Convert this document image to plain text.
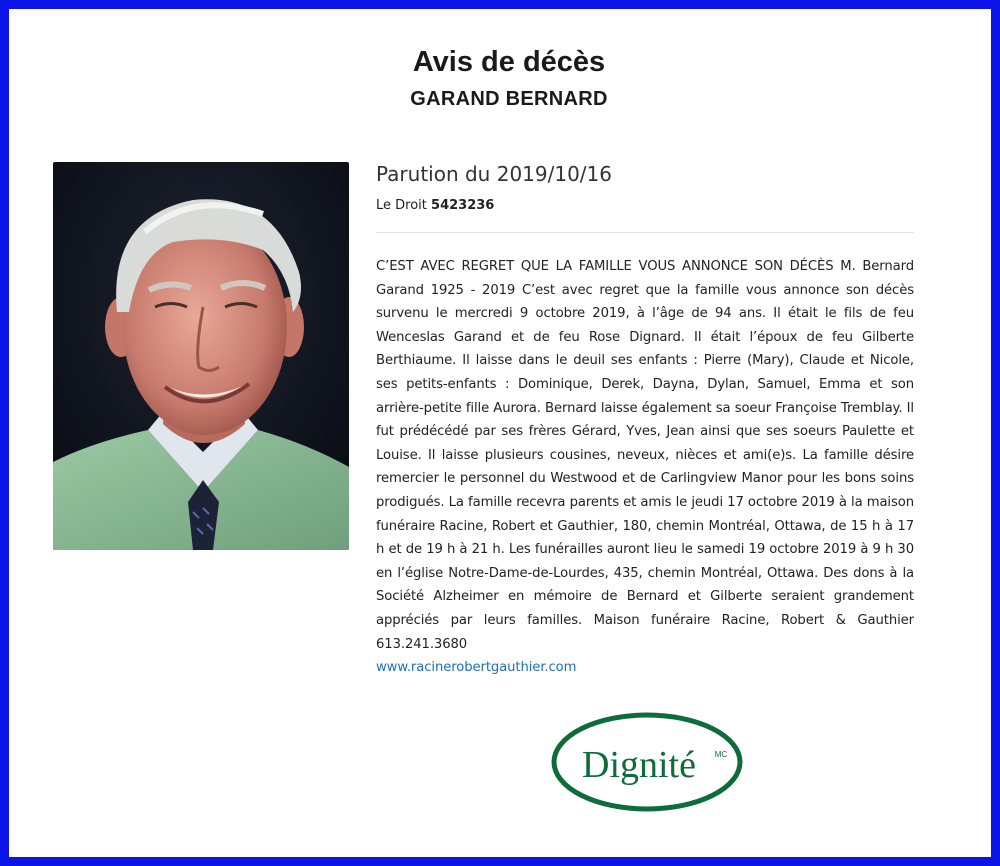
Avis de décès
GARAND BERNARD

Parution du 2019/10/16

Le Droit 5423236
C’EST AVEC REGRET QUE LA FAMILLE VOUS ANNONCE SON DÉCÈS M. Bernard Garand 1925 - 2019 C’est avec regret que la famille vous annonce son décès survenu le mercredi 9 octobre 2019, à l’âge de 94 ans. Il était le fils de feu Wenceslas Garand et de feu Rose Dignard. Il était l’époux de feu Gilberte Berthiaume. Il laisse dans le deuil ses enfants : Pierre (Mary), Claude et Nicole, ses petits-enfants : Dominique, Derek, Dayna, Dylan, Samuel, Emma et son arrière-petite fille Aurora. Bernard laisse également sa soeur Françoise Tremblay. Il fut prédécédé par ses frères Gérard, Yves, Jean ainsi que ses soeurs Paulette et Louise. Il laisse plusieurs cousines, neveux, nièces et ami(e)s. La famille désire remercier le personnel du Westwood et de Carlingview Manor pour les bons soins prodigués. La famille recevra parents et amis le jeudi 17 octobre 2019 à la maison funéraire Racine, Robert et Gauthier, 180, chemin Montréal, Ottawa, de 15 h à 17 h et de 19 h à 21 h. Les funérailles auront lieu le samedi 19 octobre 2019 à 9 h 30 en l’église Notre-Dame-de-Lourdes, 435, chemin Montréal, Ottawa. Des dons à la Société Alzheimer en mémoire de Bernard et Gilberte seraient grandement appréciés par leurs familles. Maison funéraire Racine, Robert & Gauthier 613.241.3680
www.racinerobertgauthier.com
Dignité MC
